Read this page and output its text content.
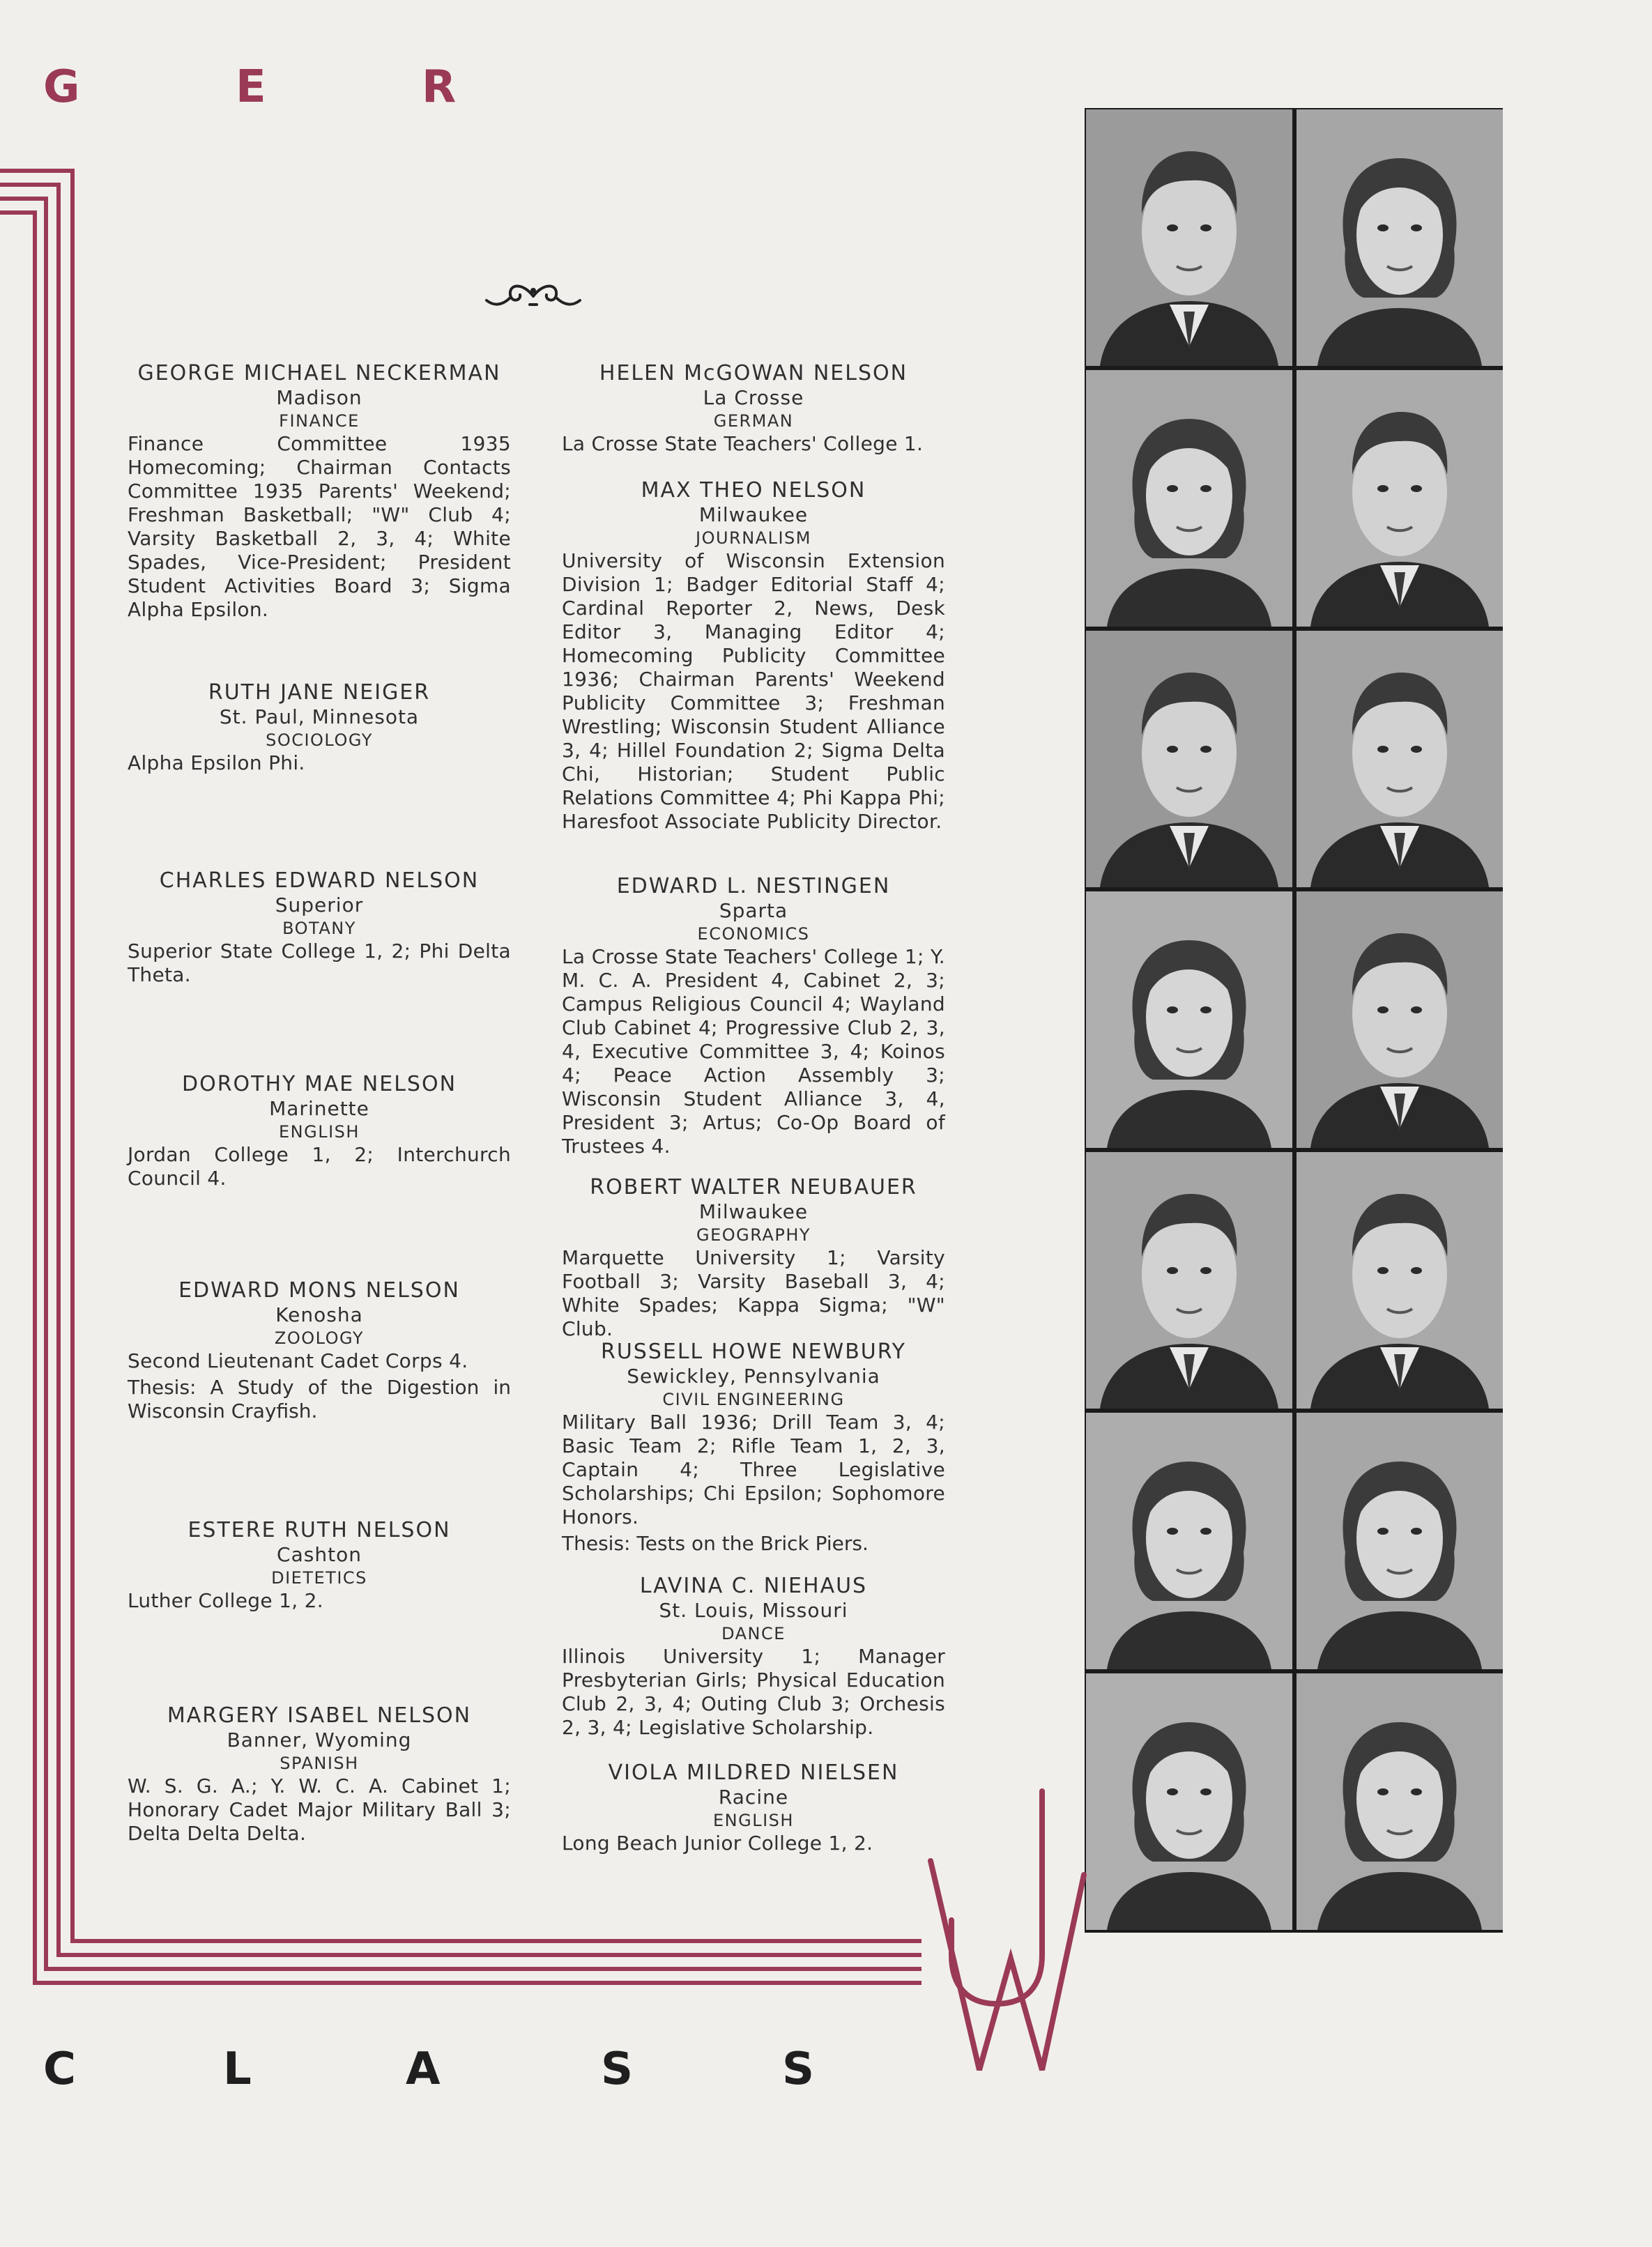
G	E	R
GEORGE MICHAEL NECKERMAN
Madison
FINANCE
Finance Committee 1935 Homecoming; Chairman Contacts Committee 1935 Parents' Weekend; Freshman Basketball; "W" Club 4; Varsity Basketball 2, 3, 4; White Spades, Vice-President; President Student Activities Board 3; Sigma Alpha Epsilon.
RUTH JANE NEIGER
St. Paul, Minnesota
SOCIOLOGY
Alpha Epsilon Phi.
CHARLES EDWARD NELSON
Superior
BOTANY
Superior State College 1, 2; Phi Delta Theta.
DOROTHY MAE NELSON
Marinette
ENGLISH
Jordan College 1, 2; Interchurch Council 4.
EDWARD MONS NELSON
Kenosha
ZOOLOGY
Second Lieutenant Cadet Corps 4.
Thesis: A Study of the Digestion in Wisconsin Crayfish.
ESTERE RUTH NELSON
Cashton
DIETETICS
Luther College 1, 2.
MARGERY ISABEL NELSON
Banner, Wyoming
SPANISH
W. S. G. A.; Y. W. C. A. Cabinet 1; Honorary Cadet Major Military Ball 3; Delta Delta Delta.
HELEN McGOWAN NELSON
La Crosse
GERMAN
La Crosse State Teachers' College 1.
MAX THEO NELSON
Milwaukee
JOURNALISM
University of Wisconsin Extension Division 1; Badger Editorial Staff 4; Cardinal Reporter 2, News, Desk Editor 3, Managing Editor 4; Homecoming Publicity Committee 1936; Chairman Parents' Weekend Publicity Committee 3; Freshman Wrestling; Wisconsin Student Alliance 3, 4; Hillel Foundation 2; Sigma Delta Chi, Historian; Student Public Relations Committee 4; Phi Kappa Phi; Haresfoot Associate Publicity Director.
EDWARD L. NESTINGEN
Sparta
ECONOMICS
La Crosse State Teachers' College 1; Y. M. C. A. President 4, Cabinet 2, 3; Campus Religious Council 4; Wayland Club Cabinet 4; Progressive Club 2, 3, 4, Executive Committee 3, 4; Koinos 4; Peace Action Assembly 3; Wisconsin Student Alliance 3, 4, President 3; Artus; Co-Op Board of Trustees 4.
ROBERT WALTER NEUBAUER
Milwaukee
GEOGRAPHY
Marquette University 1; Varsity Football 3; Varsity Baseball 3, 4; White Spades; Kappa Sigma; "W" Club.
RUSSELL HOWE NEWBURY
Sewickley, Pennsylvania
CIVIL ENGINEERING
Military Ball 1936; Drill Team 3, 4; Basic Team 2; Rifle Team 1, 2, 3, Captain 4; Three Legislative Scholarships; Chi Epsilon; Sophomore Honors.
Thesis: Tests on the Brick Piers.
LAVINA C. NIEHAUS
St. Louis, Missouri
DANCE
Illinois University 1; Manager Presbyterian Girls; Physical Education Club 2, 3, 4; Outing Club 3; Orchesis 2, 3, 4; Legislative Scholarship.
VIOLA MILDRED NIELSEN
Racine
ENGLISH
Long Beach Junior College 1, 2.
C	L	A	S	S
